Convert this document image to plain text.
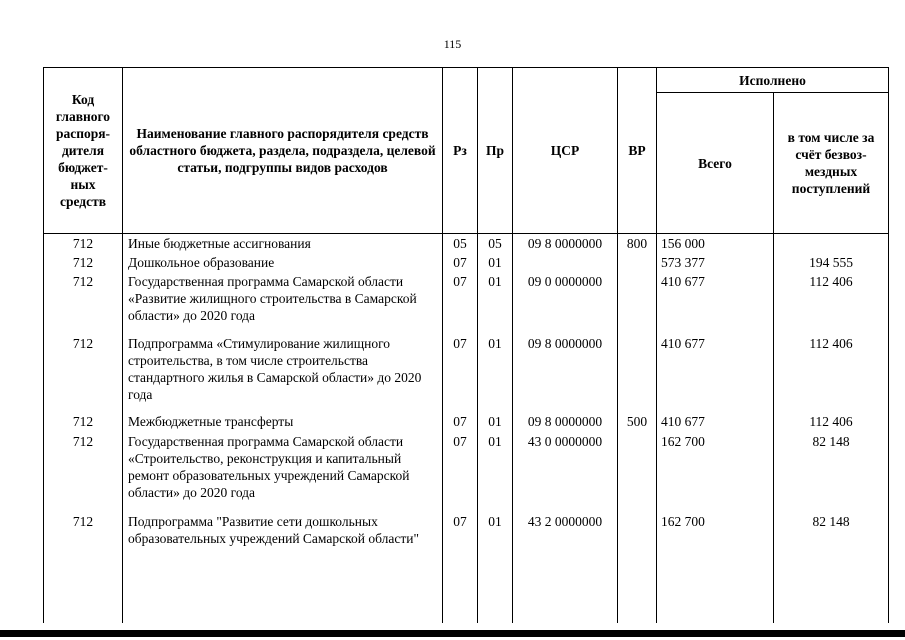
115
Код главного распоря-дителя бюджет-ных средств	Наименование главного распорядителя средств областного бюджета, раздела, подраздела, целевой статьи, подгруппы видов расходов	Рз	Пр	ЦСР	ВР	Исполнено	
						Всего	в том числе за счёт безвоз-мездных поступлений
712	Иные бюджетные ассигнования	05	05	09 8 0000000	800	156 000	
712	Дошкольное образование	07	01			573 377	194 555
712	Государственная программа Самарской области «Развитие жилищного строительства в Самарской области» до 2020 года	07	01	09 0 0000000		410 677	112 406
712	Подпрограмма «Стимулирование жилищного строительства, в том числе строительства стандартного жилья в Самарской области» до 2020 года	07	01	09 8 0000000		410 677	112 406
712	Межбюджетные трансферты	07	01	09 8 0000000	500	410 677	112 406
712	Государственная программа Самарской области «Строительство, реконструкция и капитальный ремонт образовательных учреждений Самарской области» до 2020 года	07	01	43 0 0000000		162 700	82 148
712	Подпрограмма "Развитие сети дошкольных образовательных учреждений Самарской области"	07	01	43 2 0000000		162 700	82 148
